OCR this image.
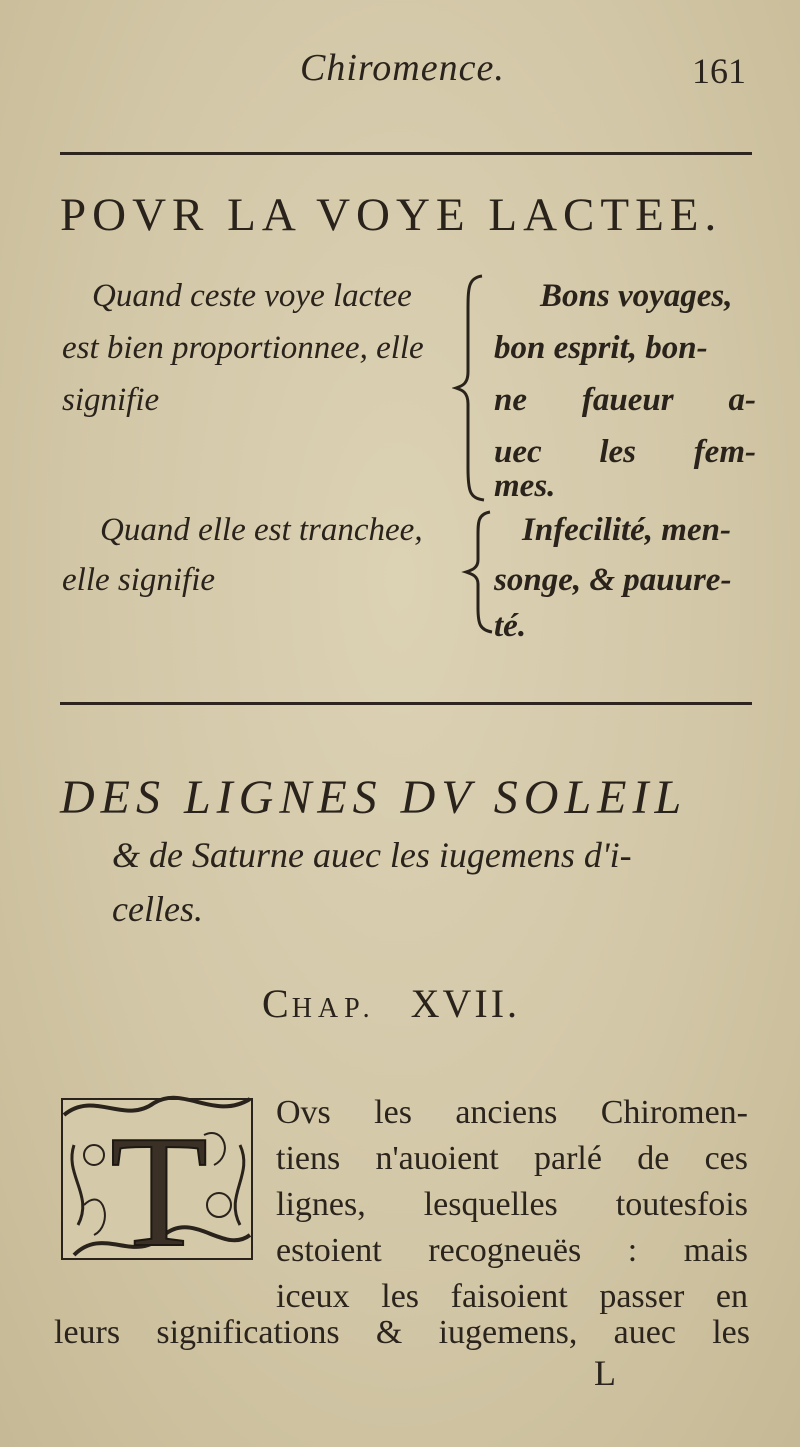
Chiromence.	161
POVR LA VOYE LACTEE.
Quand ceste voye lactee
est bien proportionnee, elle
signifie
Bons voyages,
bon esprit, bon-
ne faueur a-
uec les fem-
mes.
Quand elle est tranchee,
elle signifie
Infecilité, men-
songe, & pauure-
té.
DES LIGNES DV SOLEIL
& de Saturne auec les iugemens d'i-
celles.
CHAP. XVII.
T Ovs les anciens Chiromen-
tiens n'auoient parlé de ces
lignes, lesquelles toutesfois
estoient recogneuës : mais
iceux les faisoient passer en
leurs significations & iugemens, auec les
L
